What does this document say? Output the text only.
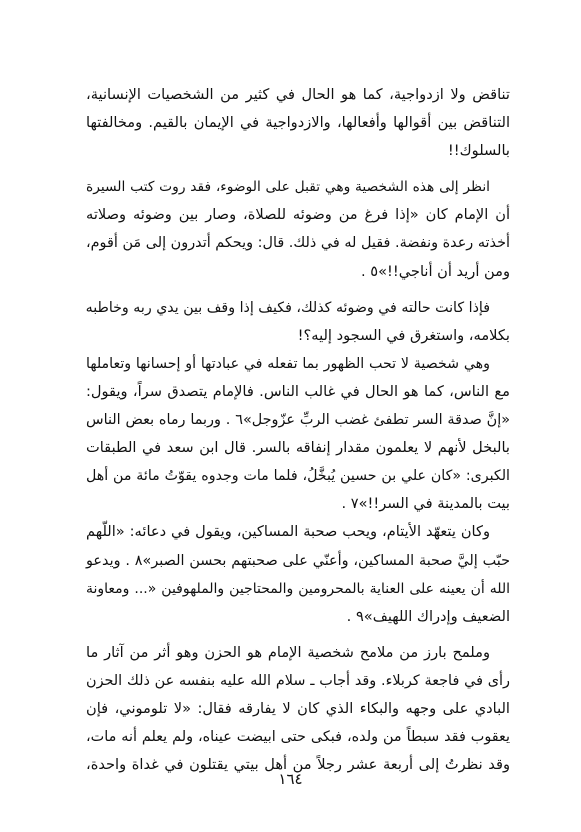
تناقض ولا ازدواجية، كما هو الحال في كثير من الشخصيات الإنسانية،
التناقض بين أقوالها وأفعالها، والازدواجية في الإيمان بالقيم. ومخالفتها
بالسلوك!!
انظر إلى هذه الشخصية وهي تقبل على الوضوء، فقد روت كتب السيرة
أن الإمام كان «إذا فرغ من وضوئه للصلاة، وصار بين وضوئه وصلاته
أخذته رعدة ونفضة. فقيل له في ذلك. قال: ويحكم أتدرون إلى مَن أقوم،
ومن أريد أن أناجي!!»٥ .
فإذا كانت حالته في وضوئه كذلك، فكيف إذا وقف بين يدي ربه وخاطبه
بكلامه، واستغرق في السجود إليه؟!
وهي شخصية لا تحب الظهور بما تفعله في عبادتها أو إحسانها وتعاملها
مع الناس، كما هو الحال في غالب الناس. فالإمام يتصدق سراً، ويقول:
«إنَّ صدقة السر تطفئ غضب الربِّ عزّوجل»٦ . وربما رماه بعض الناس
بالبخل لأنهم لا يعلمون مقدار إنفاقه بالسر. قال ابن سعد في الطبقات
الكبرى: «كان علي بن حسين يُبخَّلُ، فلما مات وجدوه يقوّتُ مائة من أهل
بيت بالمدينة في السر!!»٧ .
وكان يتعهّد الأيتام، ويحب صحبة المساكين، ويقول في دعائه: «اللّهم
حبّب إليَّ صحبة المساكين، وأعنّي على صحبتهم بحسن الصبر»٨ . ويدعو
الله أن يعينه على العناية بالمحرومين والمحتاجين والملهوفين «... ومعاونة
الضعيف وإدراك اللهيف»٩ .
وملمح بارز من ملامح شخصية الإمام هو الحزن وهو أثر من آثار ما
رأى في فاجعة كربلاء. وقد أجاب ـ سلام الله عليه بنفسه عن ذلك الحزن
البادي على وجهه والبكاء الذي كان لا يفارقه فقال: «لا تلوموني، فإن
يعقوب فقد سبطاً من ولده، فبكى حتى ابيضت عيناه، ولم يعلم أنه مات،
وقد نظرتُ إلى أربعة عشر رجلاً من أهل بيتي يقتلون في غداة واحدة،
١٦٤
